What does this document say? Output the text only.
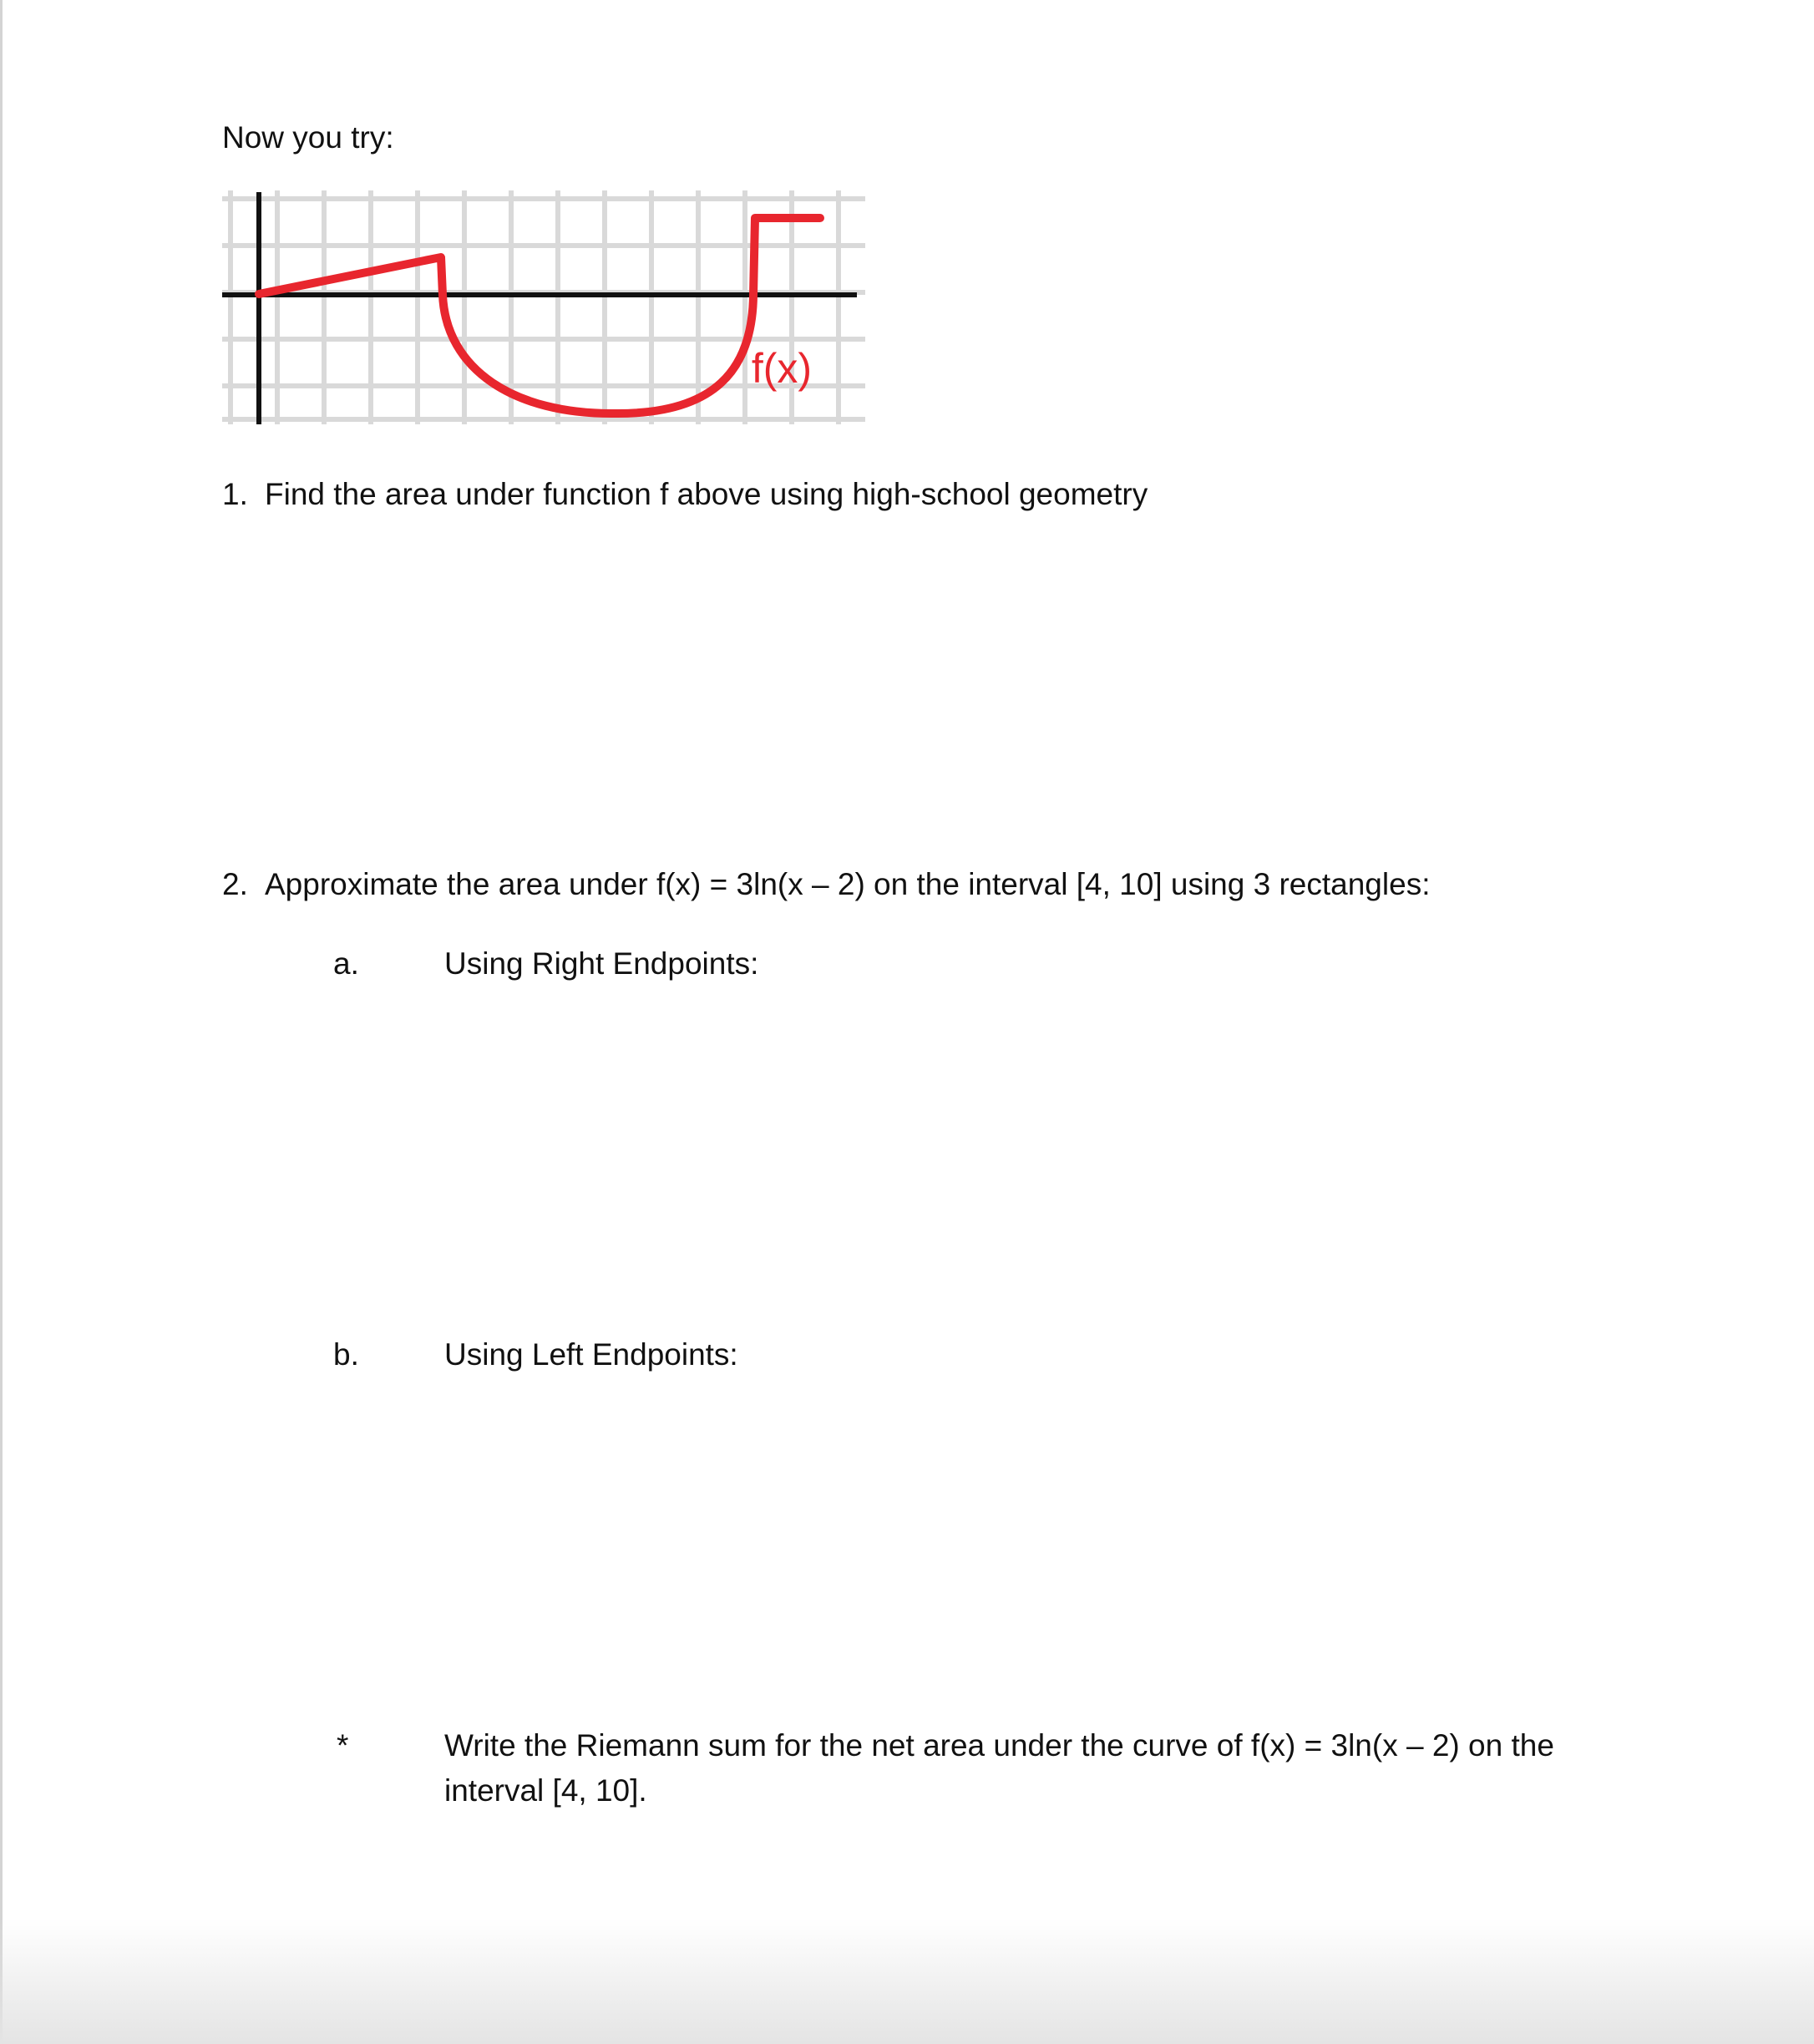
Now you try:
f(x)
1. Find the area under function f above using high-school geometry
2. Approximate the area under f(x) = 3ln(x – 2) on the interval [4, 10] using 3 rectangles:
a.	Using Right Endpoints:
b.	Using Left Endpoints:
*	Write the Riemann sum for the net area under the curve of f(x) = 3ln(x – 2) on the
interval [4, 10].
